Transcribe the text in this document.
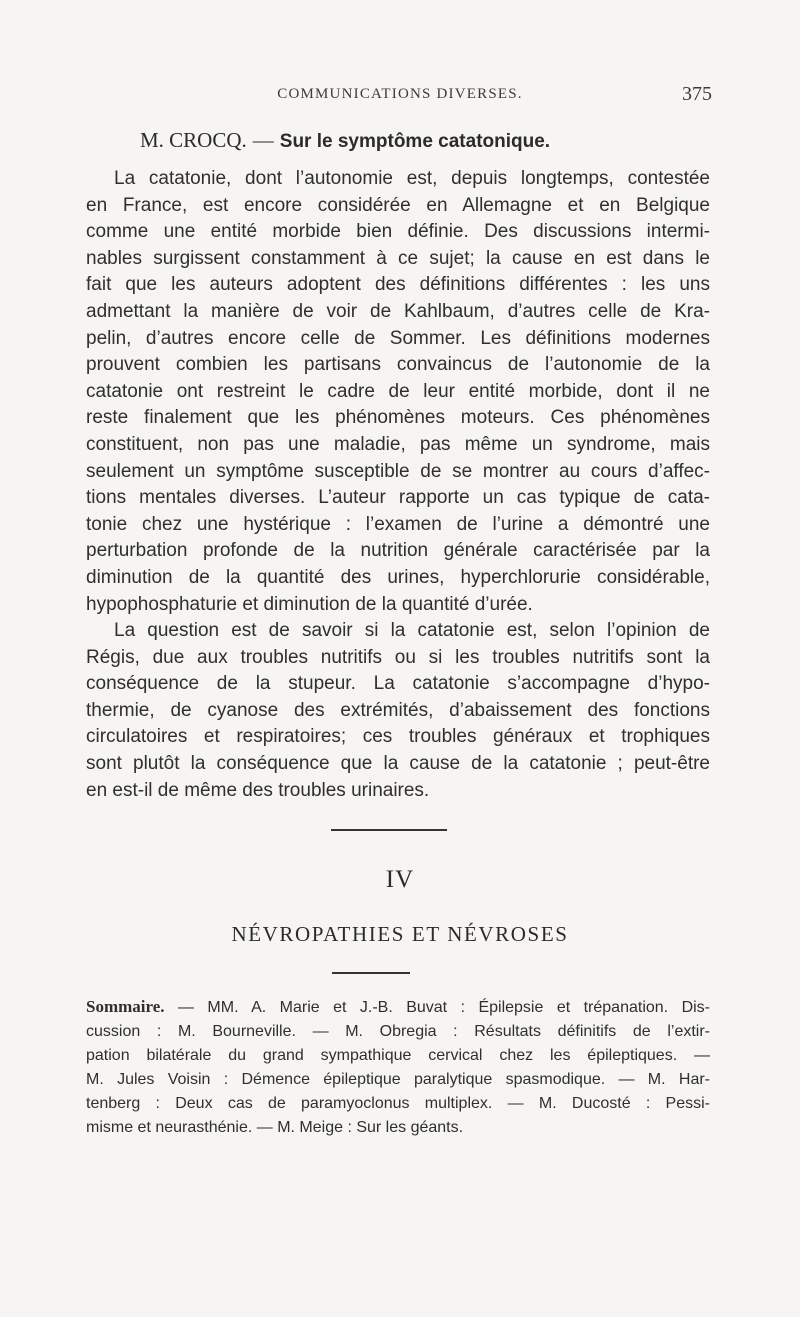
COMMUNICATIONS DIVERSES.	375
M. CROCQ. — Sur le symptôme catatonique.
La catatonie, dont l’autonomie est, depuis longtemps, contestée
en France, est encore considérée en Allemagne et en Belgique
comme une entité morbide bien définie. Des discussions intermi-
nables surgissent constamment à ce sujet; la cause en est dans le
fait que les auteurs adoptent des définitions différentes : les uns
admettant la manière de voir de Kahlbaum, d’autres celle de Kra-
pelin, d’autres encore celle de Sommer. Les définitions modernes
prouvent combien les partisans convaincus de l’autonomie de la
catatonie ont restreint le cadre de leur entité morbide, dont il ne
reste finalement que les phénomènes moteurs. Ces phénomènes
constituent, non pas une maladie, pas même un syndrome, mais
seulement un symptôme susceptible de se montrer au cours d’affec-
tions mentales diverses. L’auteur rapporte un cas typique de cata-
tonie chez une hystérique : l’examen de l’urine a démontré une
perturbation profonde de la nutrition générale caractérisée par la
diminution de la quantité des urines, hyperchlorurie considérable,
hypophosphaturie et diminution de la quantité d’urée.
La question est de savoir si la catatonie est, selon l’opinion de
Régis, due aux troubles nutritifs ou si les troubles nutritifs sont la
conséquence de la stupeur. La catatonie s’accompagne d’hypo-
thermie, de cyanose des extrémités, d’abaissement des fonctions
circulatoires et respiratoires; ces troubles généraux et trophiques
sont plutôt la conséquence que la cause de la catatonie ; peut-être
en est-il de même des troubles urinaires.
IV
NÉVROPATHIES ET NÉVROSES
Sommaire. — MM. A. Marie et J.-B. Buvat : Épilepsie et trépanation. Dis-
cussion : M. Bourneville. — M. Obregia : Résultats définitifs de l’extir-
pation bilatérale du grand sympathique cervical chez les épileptiques. —
M. Jules Voisin : Démence épileptique paralytique spasmodique. — M. Har-
tenberg : Deux cas de paramyoclonus multiplex. — M. Ducosté : Pessi-
misme et neurasthénie. — M. Meige : Sur les géants.
